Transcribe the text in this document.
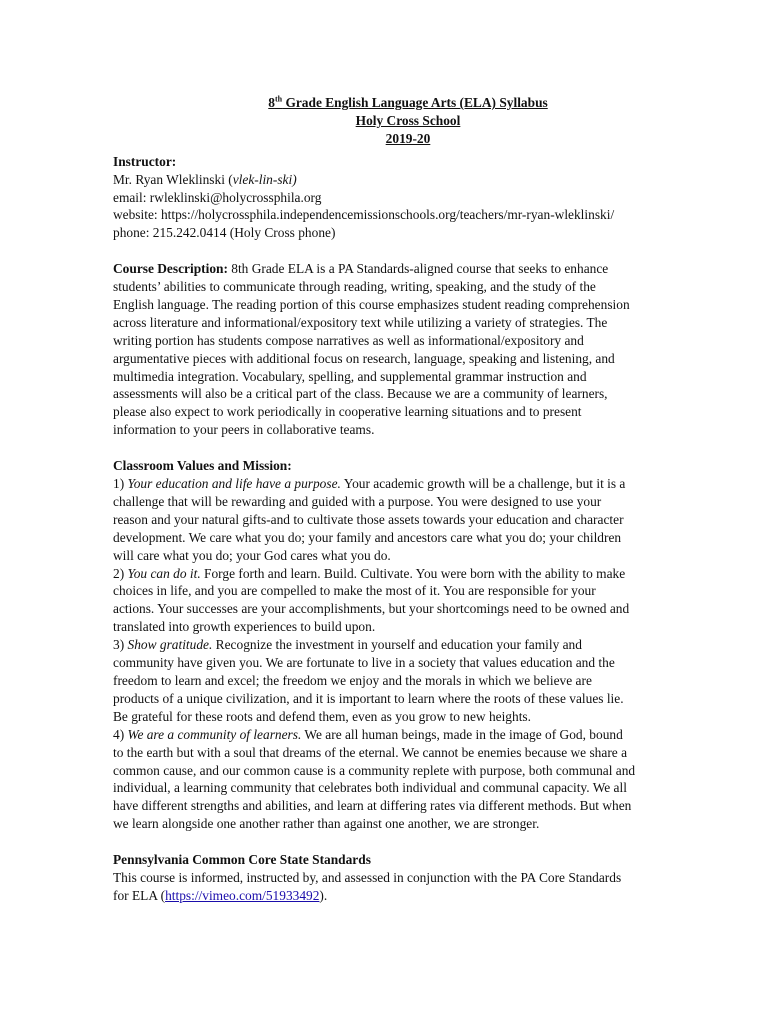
8th Grade English Language Arts (ELA) Syllabus
Holy Cross School
2019-20

Instructor:

Mr. Ryan Wleklinski (vlek-lin-ski)

email: rwleklinski@holycrossphila.org

website: https://holycrossphila.independencemissionschools.org/teachers/mr-ryan-wleklinski/

phone: 215.242.0414 (Holy Cross phone)

Course Description: 8th Grade ELA is a PA Standards-aligned course that seeks to enhance

students’ abilities to communicate through reading, writing, speaking, and the study of the

English language. The reading portion of this course emphasizes student reading comprehension

across literature and informational/expository text while utilizing a variety of strategies. The

writing portion has students compose narratives as well as informational/expository and

argumentative pieces with additional focus on research, language, speaking and listening, and

multimedia integration. Vocabulary, spelling, and supplemental grammar instruction and

assessments will also be a critical part of the class. Because we are a community of learners,

please also expect to work periodically in cooperative learning situations and to present

information to your peers in collaborative teams.

Classroom Values and Mission:

1) Your education and life have a purpose. Your academic growth will be a challenge, but it is a

challenge that will be rewarding and guided with a purpose. You were designed to use your

reason and your natural gifts-and to cultivate those assets towards your education and character

development. We care what you do; your family and ancestors care what you do; your children

will care what you do; your God cares what you do.

2) You can do it. Forge forth and learn. Build. Cultivate. You were born with the ability to make

choices in life, and you are compelled to make the most of it. You are responsible for your

actions. Your successes are your accomplishments, but your shortcomings need to be owned and

translated into growth experiences to build upon.

3) Show gratitude. Recognize the investment in yourself and education your family and

community have given you. We are fortunate to live in a society that values education and the

freedom to learn and excel; the freedom we enjoy and the morals in which we believe are

products of a unique civilization, and it is important to learn where the roots of these values lie.

Be grateful for these roots and defend them, even as you grow to new heights.

4) We are a community of learners. We are all human beings, made in the image of God, bound

to the earth but with a soul that dreams of the eternal. We cannot be enemies because we share a

common cause, and our common cause is a community replete with purpose, both communal and

individual, a learning community that celebrates both individual and communal capacity. We all

have different strengths and abilities, and learn at differing rates via different methods. But when

we learn alongside one another rather than against one another, we are stronger.

Pennsylvania Common Core State Standards

This course is informed, instructed by, and assessed in conjunction with the PA Core Standards

for ELA (https://vimeo.com/51933492).
